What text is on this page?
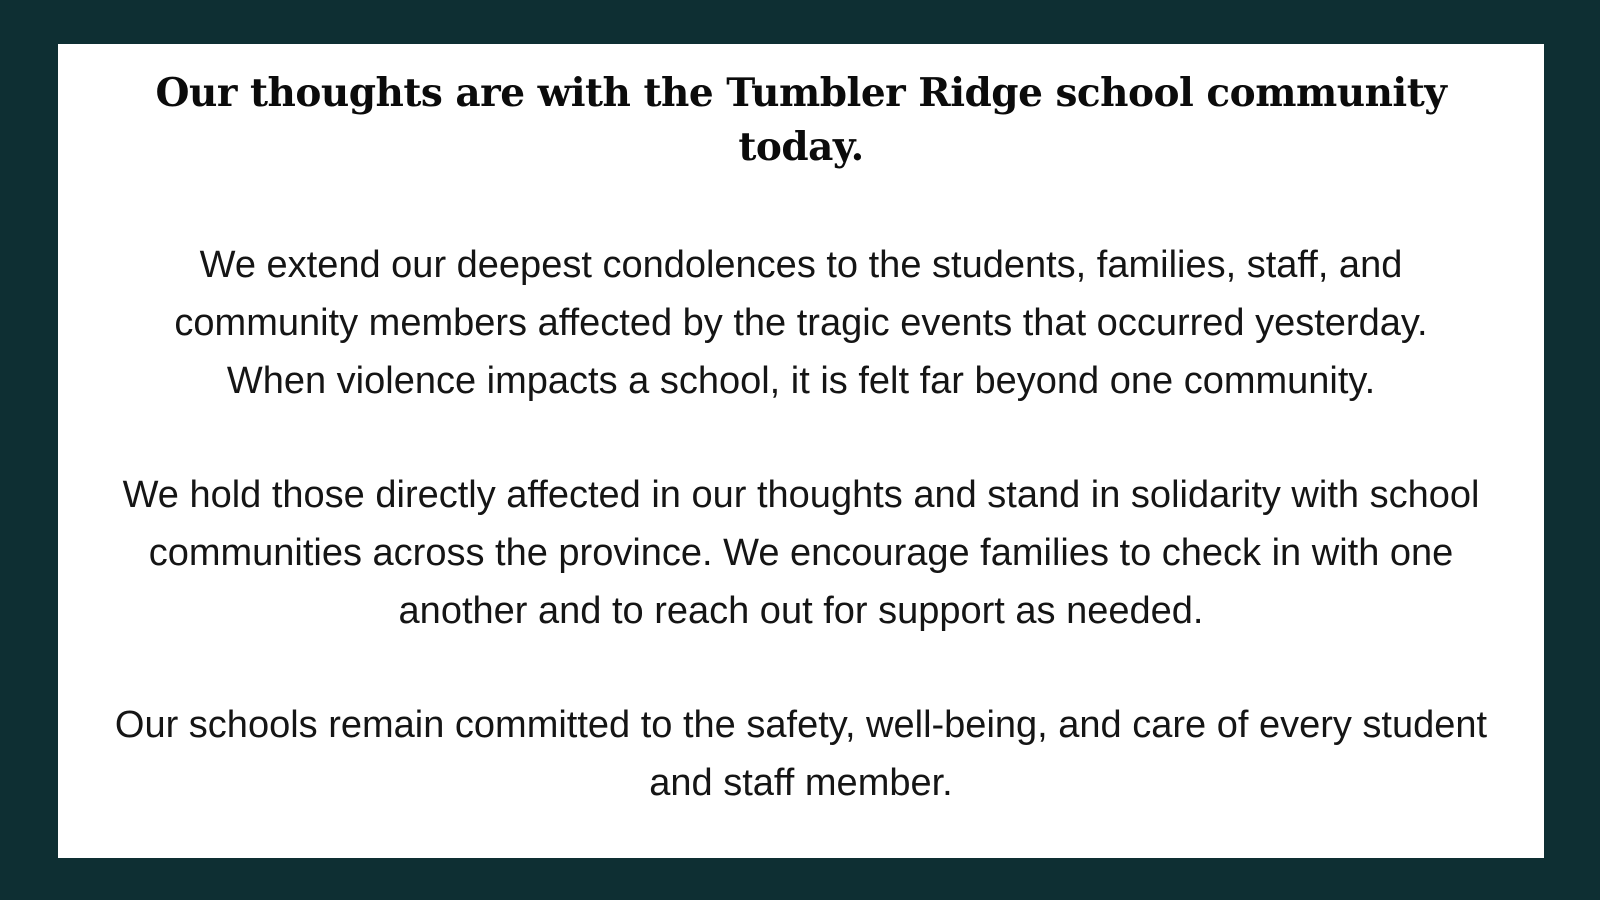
Our thoughts are with the Tumbler Ridge school community today.

We extend our deepest condolences to the students, families, staff, and community members affected by the tragic events that occurred yesterday. When violence impacts a school, it is felt far beyond one community.

We hold those directly affected in our thoughts and stand in solidarity with school communities across the province. We encourage families to check in with one another and to reach out for support as needed.

Our schools remain committed to the safety, well-being, and care of every student and staff member.
